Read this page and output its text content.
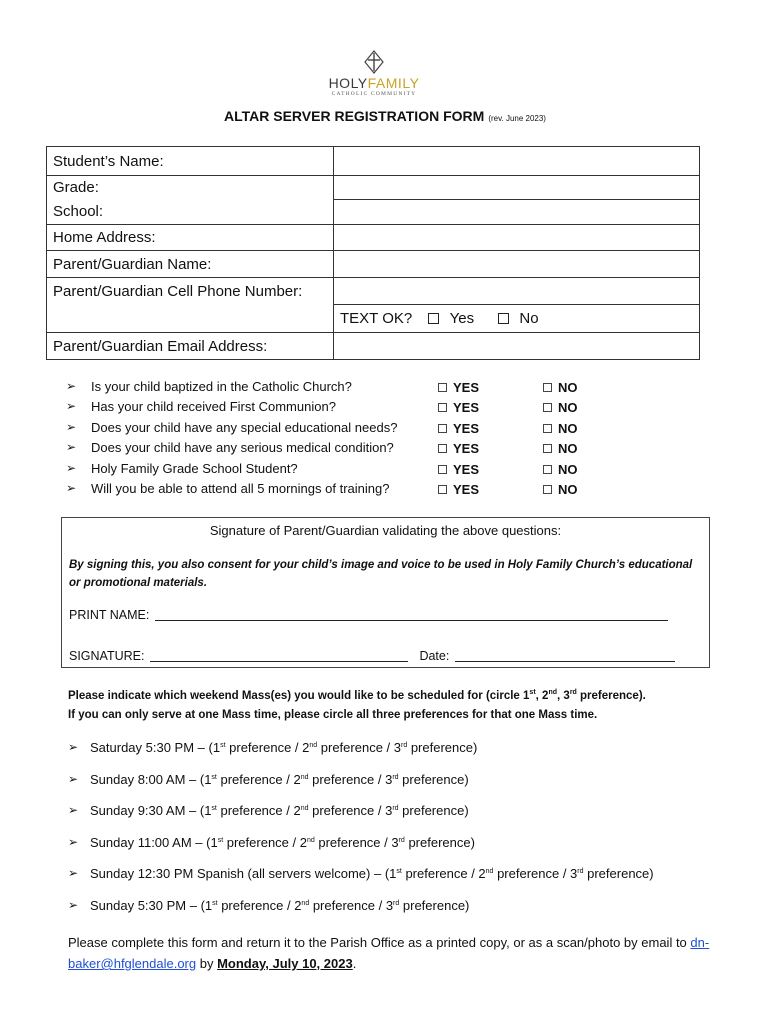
HOLYFAMILY
CATHOLIC COMMUNITY
ALTAR SERVER REGISTRATION FORM (rev. June 2023)
Student’s Name:	
Grade:	
School:	
Home Address:	
Parent/Guardian Name:	
Parent/Guardian Cell Phone Number:	
	TEXT OK? Yes No
Parent/Guardian Email Address:	
➢ Is your child baptized in the Catholic Church?	YES	NO
➢ Has your child received First Communion?	YES	NO
➢ Does your child have any special educational needs?	YES	NO
➢ Does your child have any serious medical condition?	YES	NO
➢ Holy Family Grade School Student?	YES	NO
➢ Will you be able to attend all 5 mornings of training?	YES	NO
Signature of Parent/Guardian validating the above questions:
By signing this, you also consent for your child’s image and voice to be used in Holy Family Church’s educational or promotional materials.
PRINT NAME:
SIGNATURE:	Date:
Please indicate which weekend Mass(es) you would like to be scheduled for (circle 1st, 2nd, 3rd preference).
If you can only serve at one Mass time, please circle all three preferences for that one Mass time.
➢ Saturday 5:30 PM – (1st preference / 2nd preference / 3rd preference)
➢ Sunday 8:00 AM – (1st preference / 2nd preference / 3rd preference)
➢ Sunday 9:30 AM – (1st preference / 2nd preference / 3rd preference)
➢ Sunday 11:00 AM – (1st preference / 2nd preference / 3rd preference)
➢ Sunday 12:30 PM Spanish (all servers welcome) – (1st preference / 2nd preference / 3rd preference)
➢ Sunday 5:30 PM – (1st preference / 2nd preference / 3rd preference)
Please complete this form and return it to the Parish Office as a printed copy, or as a scan/photo by email to dn-baker@hfglendale.org by Monday, July 10, 2023.
